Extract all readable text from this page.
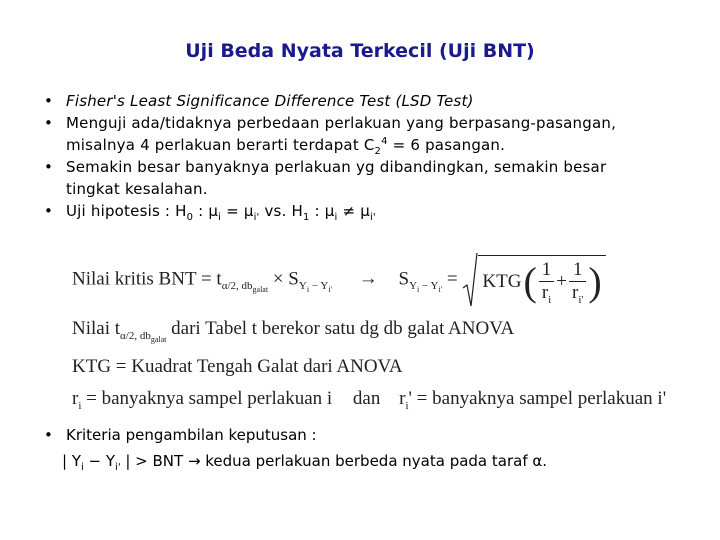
Uji Beda Nyata Terkecil (Uji BNT)
• Fisher's Least Significance Difference Test (LSD Test)
• Menguji ada/tidaknya perbedaan perlakuan yang berpasang-pasangan,
misalnya 4 perlakuan berarti terdapat $C_2^4 = 6$ pasangan.
• Semakin besar banyaknya perlakuan yg dibandingkan, semakin besar
tingkat kesalahan.
• Uji hipotesis : $H_0$ : $\mu_i = \mu_{i'}$ vs. $H_1$ : $\mu_i \ne \mu_{i'}$
Nilai kritis BNT = $t_{\alpha/2, db_{galat}} \times S_{Y_i - Y_{i'}} \to S_{Y_i - Y_{i'}}$ = KTG ( $\frac{1}{r_i} + \frac{1}{r_{i'}}$ )
Nilai $t_{\alpha/2, db_{galat}}$ dari Tabel t berekor satu dg db galat ANOVA
KTG = Kuadrat Tengah Galat dari ANOVA
$r_i$ = banyaknya sampel perlakuan i dan $r_i'$ = banyaknya sampel perlakuan i'
• Kriteria pengambilan keputusan :
| $Y_i - Y_{i'}$ | > BNT → kedua perlakuan berbeda nyata pada taraf α.
